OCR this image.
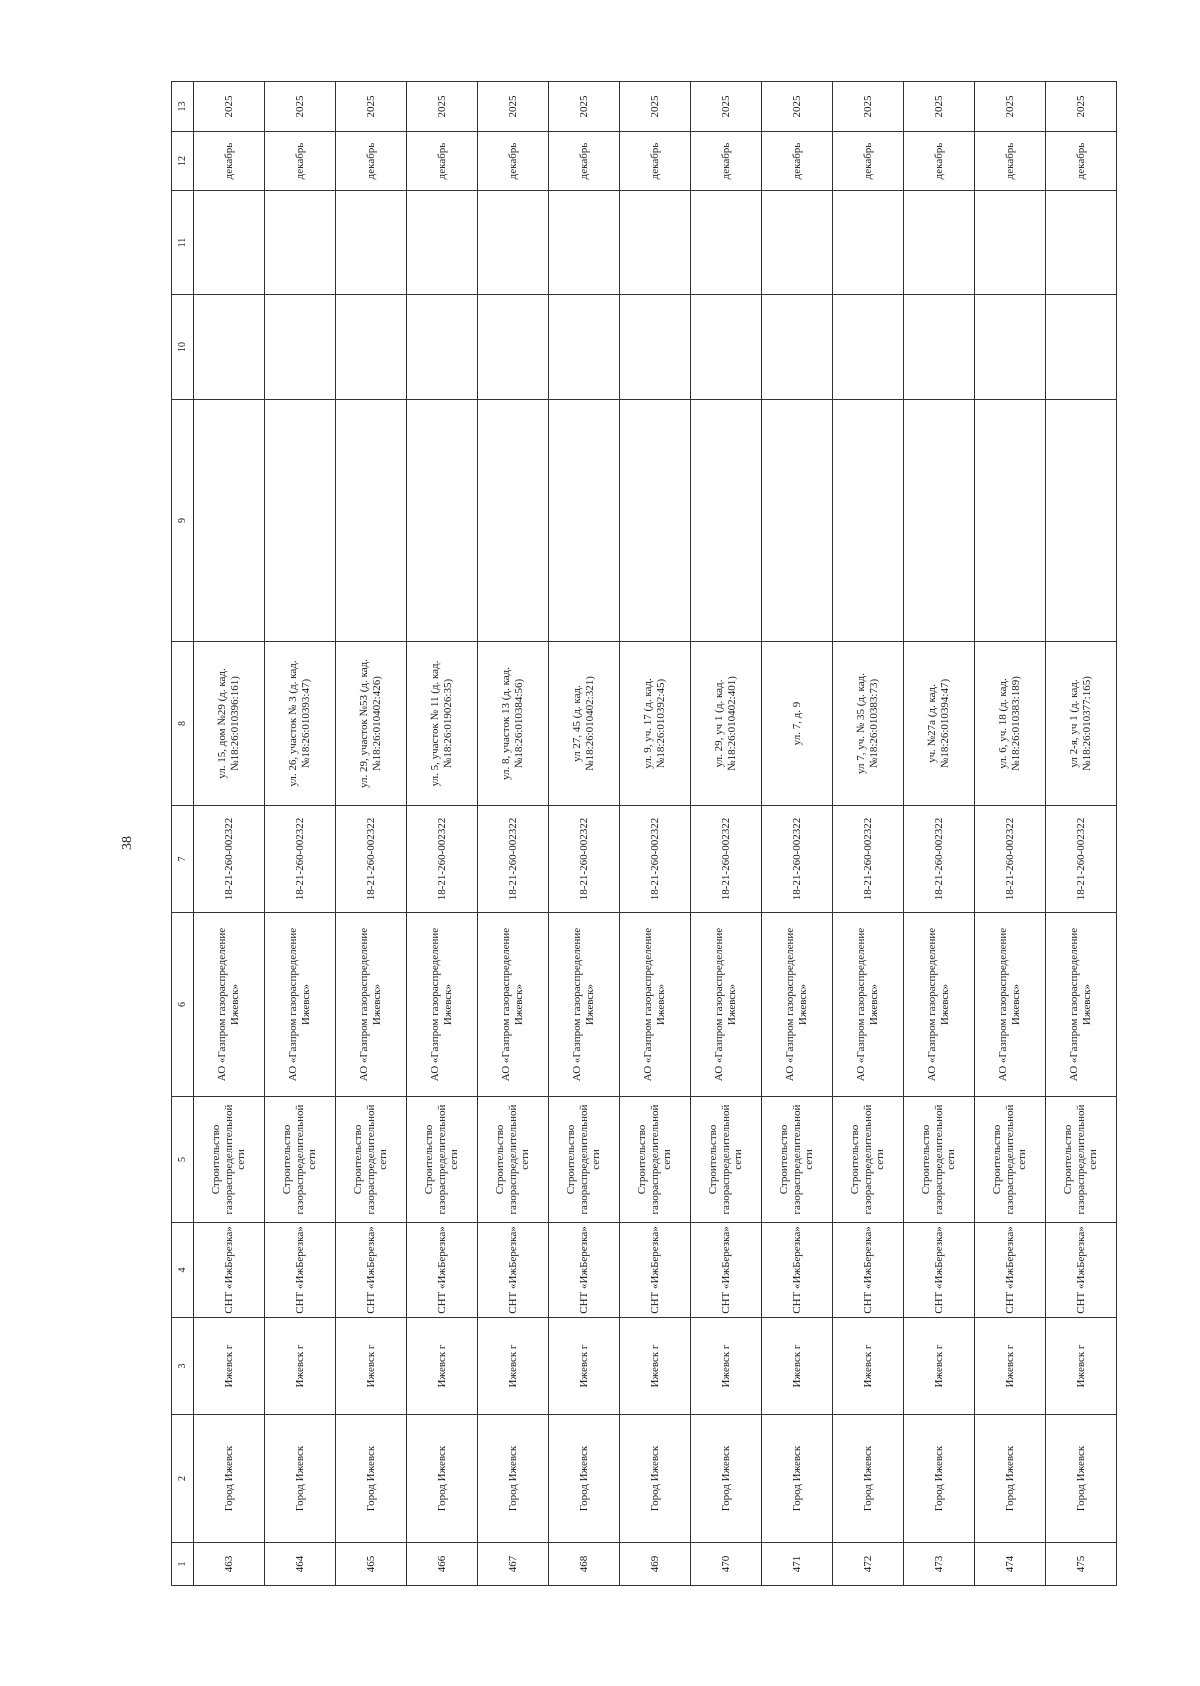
38
1	2	3	4	5	6	7	8	9	10	11	12	13
463	Город Ижевск	Ижевск г	СНТ «ИжБерезка»	Строительство газораспределительной сети	АО «Газпром газораспределение Ижевск»	18-21-260-002322	ул. 15, дом №29 (д. кад.№18:26:010396:161)				декабрь	2025
464	Город Ижевск	Ижевск г	СНТ «ИжБерезка»	Строительство газораспределительной сети	АО «Газпром газораспределение Ижевск»	18-21-260-002322	ул. 26, участок № 3 (д. кад.№18:26:010393:47)				декабрь	2025
465	Город Ижевск	Ижевск г	СНТ «ИжБерезка»	Строительство газораспределительной сети	АО «Газпром газораспределение Ижевск»	18-21-260-002322	ул. 29, участок №53 (д. кад.№18:26:010402:426)				декабрь	2025
466	Город Ижевск	Ижевск г	СНТ «ИжБерезка»	Строительство газораспределительной сети	АО «Газпром газораспределение Ижевск»	18-21-260-002322	ул. 5, участок № 11 (д. кад.№18:26:019026:35)				декабрь	2025
467	Город Ижевск	Ижевск г	СНТ «ИжБерезка»	Строительство газораспределительной сети	АО «Газпром газораспределение Ижевск»	18-21-260-002322	ул. 8, участок 13 (д. кад.№18:26:010384:56)				декабрь	2025
468	Город Ижевск	Ижевск г	СНТ «ИжБерезка»	Строительство газораспределительной сети	АО «Газпром газораспределение Ижевск»	18-21-260-002322	ул 27, 45 (д. кад.№18:26:010402:321)				декабрь	2025
469	Город Ижевск	Ижевск г	СНТ «ИжБерезка»	Строительство газораспределительной сети	АО «Газпром газораспределение Ижевск»	18-21-260-002322	ул. 9, уч. 17 (д. кад.№18:26:010392:45)				декабрь	2025
470	Город Ижевск	Ижевск г	СНТ «ИжБерезка»	Строительство газораспределительной сети	АО «Газпром газораспределение Ижевск»	18-21-260-002322	ул. 29, уч 1 (д. кад.№18:26:010402:401)				декабрь	2025
471	Город Ижевск	Ижевск г	СНТ «ИжБерезка»	Строительство газораспределительной сети	АО «Газпром газораспределение Ижевск»	18-21-260-002322	ул. 7, д. 9				декабрь	2025
472	Город Ижевск	Ижевск г	СНТ «ИжБерезка»	Строительство газораспределительной сети	АО «Газпром газораспределение Ижевск»	18-21-260-002322	ул 7, уч. № 35 (д. кад.№18:26:010383:73)				декабрь	2025
473	Город Ижевск	Ижевск г	СНТ «ИжБерезка»	Строительство газораспределительной сети	АО «Газпром газораспределение Ижевск»	18-21-260-002322	уч. №27а (д. кад.№18:26:010394:47)				декабрь	2025
474	Город Ижевск	Ижевск г	СНТ «ИжБерезка»	Строительство газораспределительной сети	АО «Газпром газораспределение Ижевск»	18-21-260-002322	ул. 6, уч. 18 (д. кад.№18:26:010383:189)				декабрь	2025
475	Город Ижевск	Ижевск г	СНТ «ИжБерезка»	Строительство газораспределительной сети	АО «Газпром газораспределение Ижевск»	18-21-260-002322	ул 2-я, уч 1 (д. кад.№18:26:010377:165)				декабрь	2025
